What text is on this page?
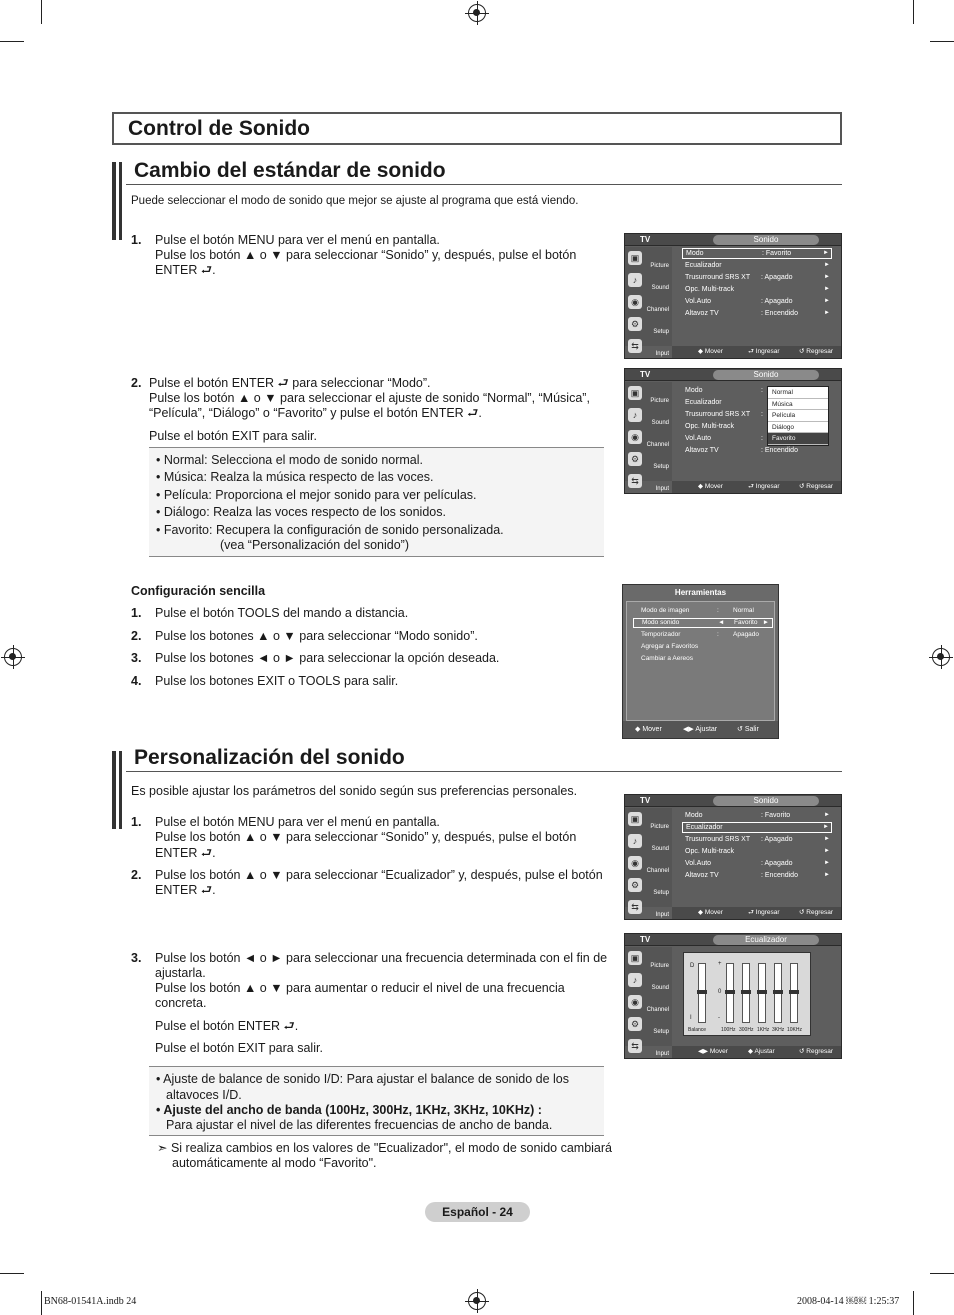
Control de Sonido
Cambio del estándar de sonido
Puede seleccionar el modo de sonido que mejor se ajuste al programa que está viendo.
1. Pulse el botón MENU para ver el menú en pantalla.
Pulse los botón ▲ o ▼ para seleccionar “Sonido” y, después, pulse el botón
ENTER ⮐.
2. Pulse el botón ENTER ⮐ para seleccionar “Modo”.
Pulse los botón ▲ o ▼ para seleccionar el ajuste de sonido “Normal”, “Música”,
“Película”, “Diálogo” o “Favorito” y pulse el botón ENTER ⮐.
Pulse el botón EXIT para salir.
• Normal: Selecciona el modo de sonido normal.
• Música: Realza la música respecto de las voces.
• Película: Proporciona el mejor sonido para ver películas.
• Diálogo: Realza las voces respecto de los sonidos.
• Favorito: Recupera la configuración de sonido personalizada.
(vea “Personalización del sonido”)
Configuración sencilla
1. Pulse el botón TOOLS del mando a distancia.
2. Pulse los botones ▲ o ▼ para seleccionar “Modo sonido”.
3. Pulse los botones ◄ o ► para seleccionar la opción deseada.
4. Pulse los botones EXIT o TOOLS para salir.
TV	Sonido
▣
Picture
♪
Sound
◉
Channel
⚙
Setup
⇆
Input
Modo	: Favorito	►
Ecualizador	►
Trusurround SRS XT : Apagado	►
Opc. Multi-track	►
Vol.Auto	: Apagado	►
Altavoz TV	: Encendido	►
◆ Mover	⮐ Ingresar	↺ Regresar
TV	Sonido
▣
Picture
♪
Sound
◉
Channel
⚙
Setup
⇆
Input
Modo	:
Ecualizador
Trusurround SRS XT :
Opc. Multi-track
Vol.Auto	:
Altavoz TV	: Encendido
Normal
Música
Película
Diálogo
Favorito
◆ Mover	⮐ Ingresar	↺ Regresar
Herramientas
Modo de imagen	: Normal
Modo sonido	◄ Favorito ►
Temporizador	: Apagado
Agregar a Favoritos
Cambiar a Aereos
◆ Mover	◀▶ Ajustar	↺ Salir
Personalización del sonido
Es posible ajustar los parámetros del sonido según sus preferencias personales.
1. Pulse el botón MENU para ver el menú en pantalla.
Pulse los botón ▲ o ▼ para seleccionar “Sonido” y, después, pulse el botón
ENTER ⮐.
2. Pulse los botón ▲ o ▼ para seleccionar “Ecualizador” y, después, pulse el botón
ENTER ⮐.
3. Pulse los botón ◄ o ► para seleccionar una frecuencia determinada con el fin de
ajustarla.
Pulse los botón ▲ o ▼ para aumentar o reducir el nivel de una frecuencia
concreta.
Pulse el botón ENTER ⮐.
Pulse el botón EXIT para salir.
• Ajuste de balance de sonido I/D: Para ajustar el balance de sonido de los
altavoces I/D.
• Ajuste del ancho de banda (100Hz, 300Hz, 1KHz, 3KHz, 10KHz) :
Para ajustar el nivel de las diferentes frecuencias de ancho de banda.
➣ Si realiza cambios en los valores de "Ecualizador", el modo de sonido cambiará
automáticamente al modo “Favorito".
TV	Sonido
▣
Picture
♪
Sound
◉
Channel
⚙
Setup
⇆
Input
Modo	: Favorito	►
Ecualizador	►
Trusurround SRS XT : Apagado	►
Opc. Multi-track	►
Vol.Auto	: Apagado	►
Altavoz TV	: Encendido	►
◆ Mover	⮐ Ingresar	↺ Regresar
TV	Ecualizador
▣
Picture
♪
Sound
◉
Channel
⚙
Setup
⇆
Input
D
I
+
0
-
Balance	100Hz 300Hz 1KHz 3KHz 10KHz
◀▶ Mover	◆ Ajustar	↺ Regresar
Español - 24
BN68-01541A.indb 24	2008-04-14 ￼￼ 1:25:37
